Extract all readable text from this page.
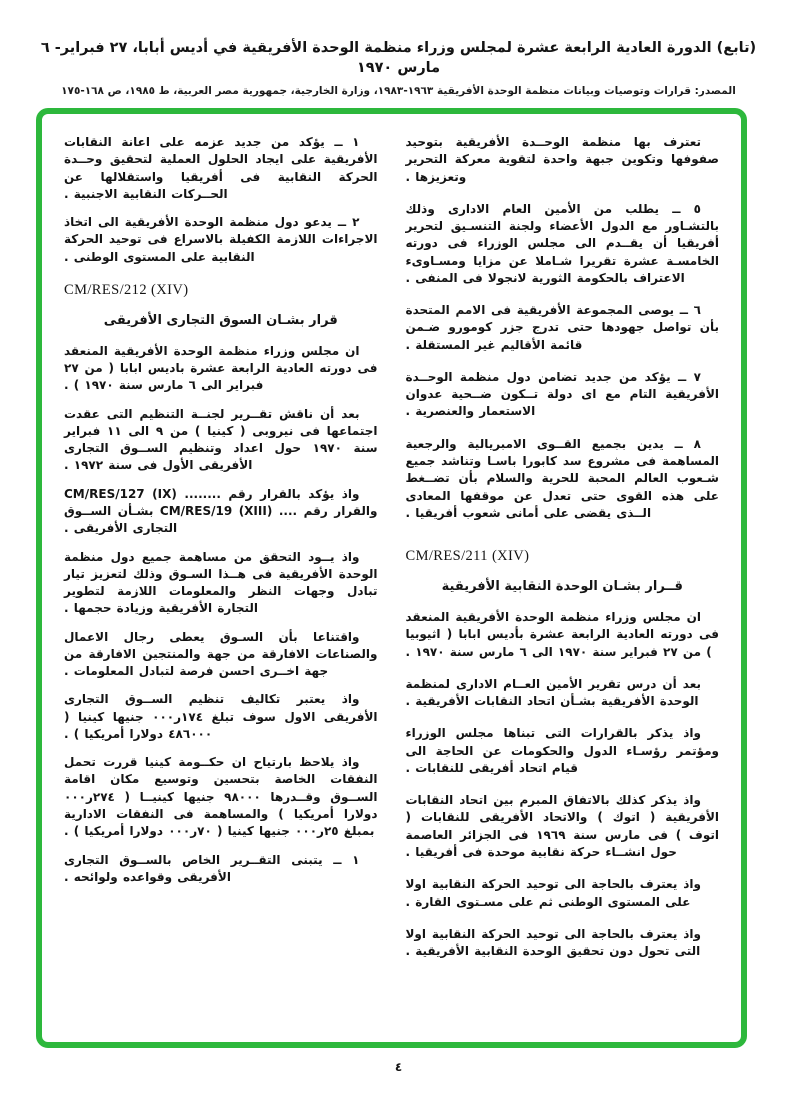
(تابع) الدورة العادية الرابعة عشرة لمجلس وزراء منظمة الوحدة الأفريقية في أديس أبابا، ٢٧ فبراير- ٦ مارس ١٩٧٠
المصدر: قرارات وتوصيات وبيانات منظمة الوحدة الأفريقية ١٩٦٣-١٩٨٣، وزارة الخارجية، جمهورية مصر العربية، ط ١٩٨٥، ص ١٦٨-١٧٥
١ ــ يؤكد من جديد عزمه على اعانة النقابات الأفريقية على ايجاد الحلول العملية لتحقيق وحــدة الحركة النقابية فى أفريقيا واستقلالها عن الحــركات النقابية الاجنبية .
٢ ــ يدعو دول منظمة الوحدة الأفريقية الى اتخاذ الاجراءات اللازمة الكفيلة بالاسراع فى توحيد الحركة النقابية على المستوى الوطنى .
CM/RES/212 (XIV)
قرار بشـان السوق التجارى الأفريقى
ان مجلس وزراء منظمة الوحدة الأفريقية المنعقد فى دورته العادية الرابعة عشرة باديس ابابا ( من ٢٧ فبراير الى ٦ مارس سنة ١٩٧٠ ) .
بعد أن ناقش تقــرير لجنــة التنظيم التى عقدت اجتماعها فى نيروبى ( كينيا ) من ٩ الى ١١ فبراير سنة ١٩٧٠ حول اعداد وتنظيم الســوق التجارى الأفريقى الأول فى سنة ١٩٧٢ .
واذ يؤكد بالقرار رقم ........ CM/RES/127 (IX) والقرار رقم .... CM/RES/19 (XIII) بشـأن الســوق التجارى الأفريقى .
واذ يــود التحقق من مساهمة جميع دول منظمة الوحدة الأفريقية فى هــذا السـوق وذلك لتعزيز تيار تبادل وجهات النظر والمعلومات اللازمة لتطوير التجارة الأفريقية وزيادة حجمها .
واقتناعا بأن السـوق يعطى رجال الاعمال والصناعات الافارقة من جهة والمنتجين الافارقة من جهة اخــرى احسن فرصة لتبادل المعلومات .
واذ يعتبر تكاليف تنظيم الســوق التجارى الأفريقى الاول سوف تبلغ ١٧٤ر٠٠٠ جنيها كينيا ( ٤٨٦٠٠٠ دولارا أمريكيا ) .
واذ يلاحظ بارتياح ان حكــومة كينيا قررت تحمل النفقات الخاصة بتحسين وتوسيع مكان اقامة الســوق وقــدرها ٩٨٠٠٠ جنيها كينيــا ( ٢٧٤ر٠٠٠ دولارا أمريكيا ) والمساهمة فى النفقات الادارية بمبلغ ٢٥ر٠٠٠ جنيها كينيا ( ٧٠ر٠٠٠ دولارا أمريكيا ) .
١ ــ يتبنى التقــرير الخاص بالســوق التجارى الأفريقى وقواعده ولوائحه .
تعترف بها منظمة الوحــدة الأفريقية بتوحيد صفوفها وتكوين جبهة واحدة لتقوية معركة التحرير وتعزيزها .
٥ ــ يطلب من الأمين العام الادارى وذلك بالتشـاور مع الدول الأعضاء ولجنة التنسـيق لتحرير أفريقيا أن يقــدم الى مجلس الوزراء فى دورته الخامسـة عشرة تقريرا شـاملا عن مزايا ومسـاوىء الاعتراف بالحكومة الثورية لانجولا فى المنفى .
٦ ــ يوصى المجموعة الأفريقية فى الامم المتحدة بأن تواصل جهودها حتى تدرج جزر كومورو ضـمن قائمة الأقاليم غير المستقلة .
٧ ــ يؤكد من جديد تضامن دول منظمة الوحــدة الأفريقية التام مع اى دولة تــكون ضــحية عدوان الاستعمار والعنصرية .
٨ ــ يدين بجميع القــوى الامبريالية والرجعية المساهمة فى مشروع سد كابورا باسـا وتناشد جميع شـعوب العالم المحبة للحرية والسلام بأن تضــغط على هذه القوى حتى تعدل عن موقفها المعادى الــذى يقضى على أمانى شعوب أفريقيا .
CM/RES/211 (XIV)
قــرار بشـان الوحدة النقابية الأفريقية
ان مجلس وزراء منظمة الوحدة الأفريقية المنعقد فى دورته العادية الرابعة عشرة بأديس ابابا ( اثيوبيا ) من ٢٧ فبراير سنة ١٩٧٠ الى ٦ مارس سنة ١٩٧٠ .
بعد أن درس تقرير الأمين العــام الادارى لمنظمة الوحدة الأفريقية بشـأن اتحاد النقابات الأفريقية .
واذ يذكر بالقرارات التى تبناها مجلس الوزراء ومؤتمر رؤسـاء الدول والحكومات عن الحاجة الى قيام اتحاد أفريقى للنقابات .
واذ يذكر كذلك بالاتفاق المبرم بين اتحاد النقابات الأفريقية ( اتوك ) والاتحاد الأفريقى للنقابات ( اتوف ) فى مارس سنة ١٩٦٩ فى الجزائر العاصمة حول انشــاء حركة نقابية موحدة فى أفريقيا .
واذ يعترف بالحاجة الى توحيد الحركة النقابية اولا على المستوى الوطنى ثم على مسـتوى القارة .
واذ يعترف بالحاجة الى توحيد الحركة النقابية اولا التى تحول دون تحقيق الوحدة النقابية الأفريقية .
٤
